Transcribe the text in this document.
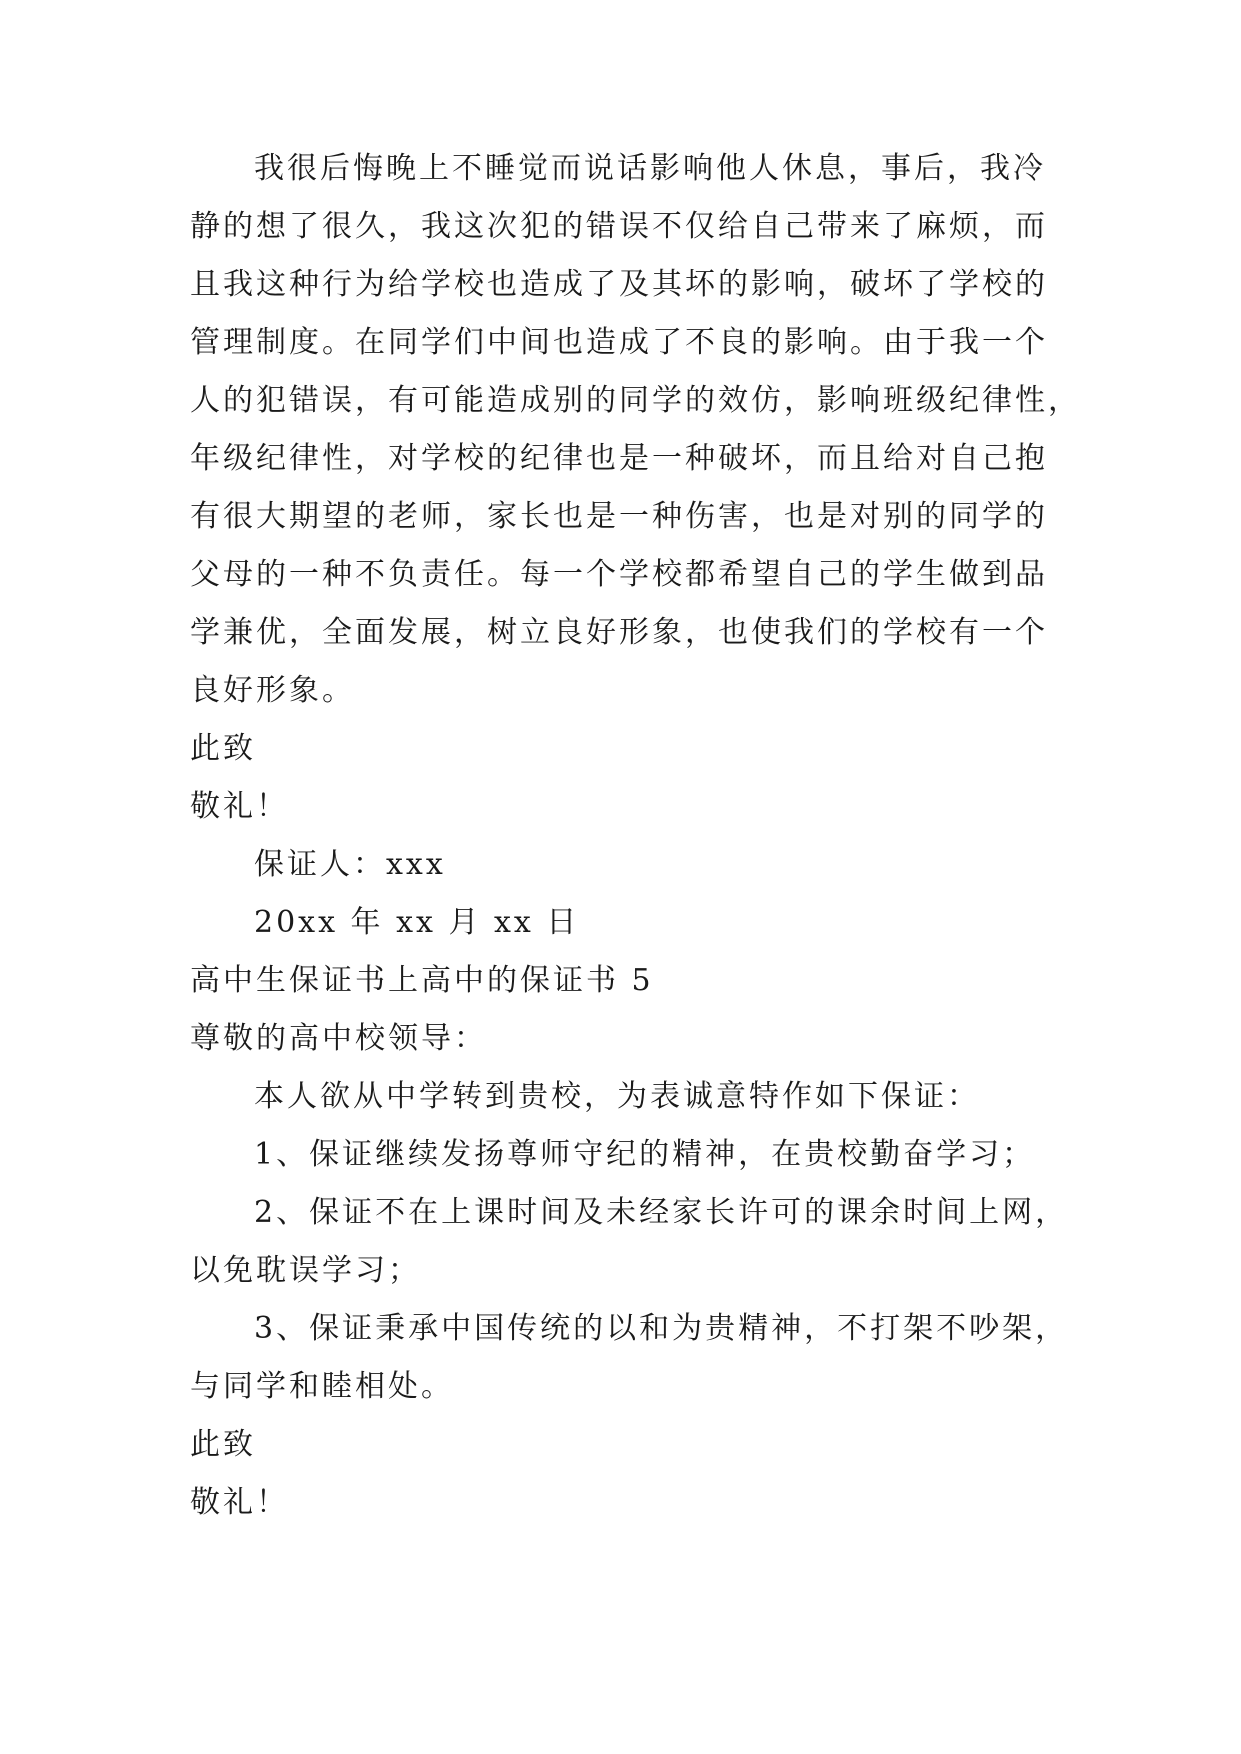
我很后悔晚上不睡觉而说话影响他人休息，事后，我冷
静的想了很久，我这次犯的错误不仅给自己带来了麻烦，而
且我这种行为给学校也造成了及其坏的影响，破坏了学校的
管理制度。在同学们中间也造成了不良的影响。由于我一个
人的犯错误，有可能造成别的同学的效仿，影响班级纪律性，
年级纪律性，对学校的纪律也是一种破坏，而且给对自己抱
有很大期望的老师，家长也是一种伤害，也是对别的同学的
父母的一种不负责任。每一个学校都希望自己的学生做到品
学兼优，全面发展，树立良好形象，也使我们的学校有一个
良好形象。
此致
敬礼！
保证人：xxx
20xx 年 xx 月 xx 日
高中生保证书上高中的保证书 5
尊敬的高中校领导：
本人欲从中学转到贵校，为表诚意特作如下保证：
1、保证继续发扬尊师守纪的精神，在贵校勤奋学习；
2、保证不在上课时间及未经家长许可的课余时间上网，
以免耽误学习；
3、保证秉承中国传统的以和为贵精神，不打架不吵架，
与同学和睦相处。
此致
敬礼！
